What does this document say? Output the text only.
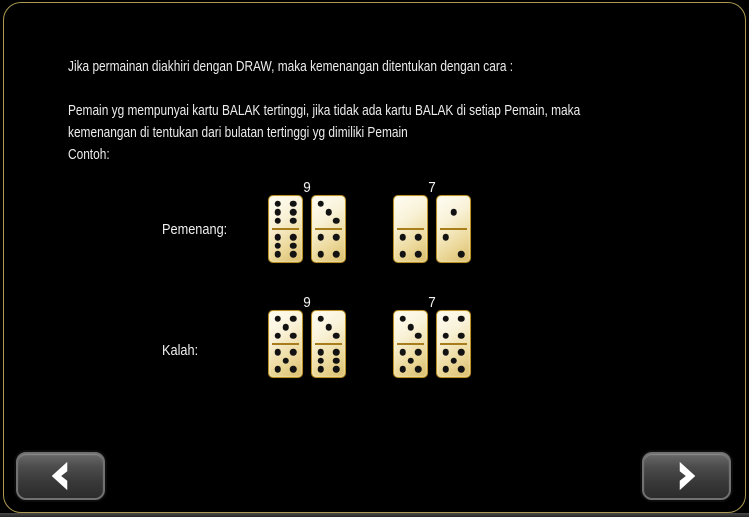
Jika permainan diakhiri dengan DRAW, maka kemenangan ditentukan dengan cara :
Pemain yg mempunyai kartu BALAK tertinggi, jika tidak ada kartu BALAK di setiap Pemain, maka
kemenangan di tentukan dari bulatan tertinggi yg dimiliki Pemain
Contoh:
Pemenang:
9	7
Kalah:
9	7
